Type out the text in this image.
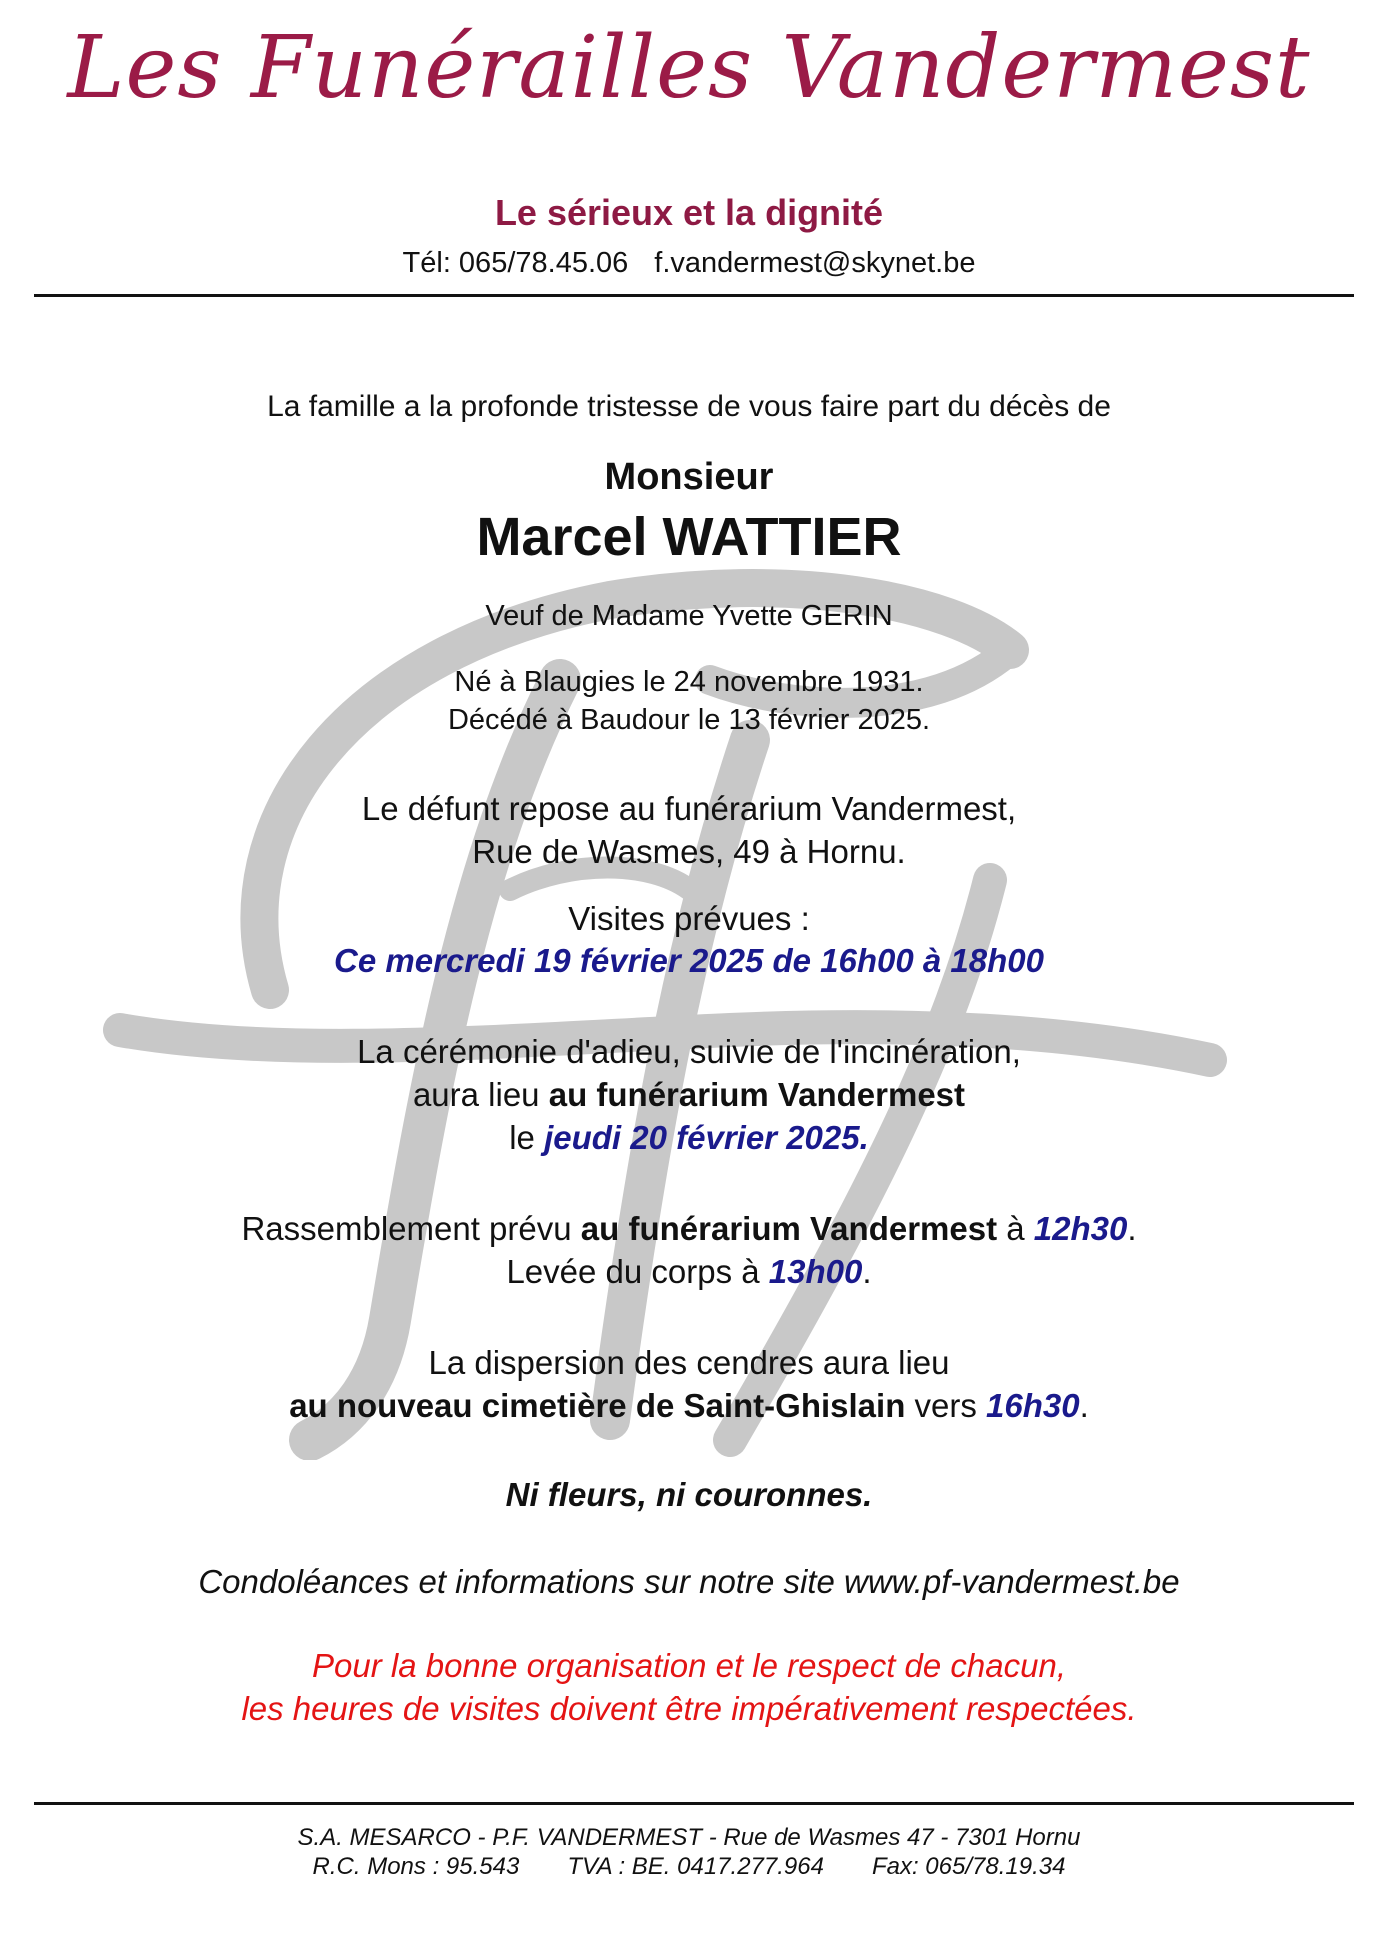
Les Funérailles Vandermest
Le sérieux et la dignité
Tél: 065/78.45.06 f.vandermest@skynet.be
La famille a la profonde tristesse de vous faire part du décès de
Monsieur
Marcel WATTIER
Veuf de Madame Yvette GERIN
Né à Blaugies le 24 novembre 1931.
Décédé à Baudour le 13 février 2025.
Le défunt repose au funérarium Vandermest,
Rue de Wasmes, 49 à Hornu.
Visites prévues :
Ce mercredi 19 février 2025 de 16h00 à 18h00
La cérémonie d'adieu, suivie de l'incinération,
aura lieu au funérarium Vandermest
le jeudi 20 février 2025.
Rassemblement prévu au funérarium Vandermest à 12h30.
Levée du corps à 13h00.
La dispersion des cendres aura lieu
au nouveau cimetière de Saint-Ghislain vers 16h30.
Ni fleurs, ni couronnes.
Condoléances et informations sur notre site www.pf-vandermest.be
Pour la bonne organisation et le respect de chacun,
les heures de visites doivent être impérativement respectées.
S.A. MESARCO - P.F. VANDERMEST - Rue de Wasmes 47 - 7301 Hornu
R.C. Mons : 95.543 TVA : BE. 0417.277.964 Fax: 065/78.19.34
